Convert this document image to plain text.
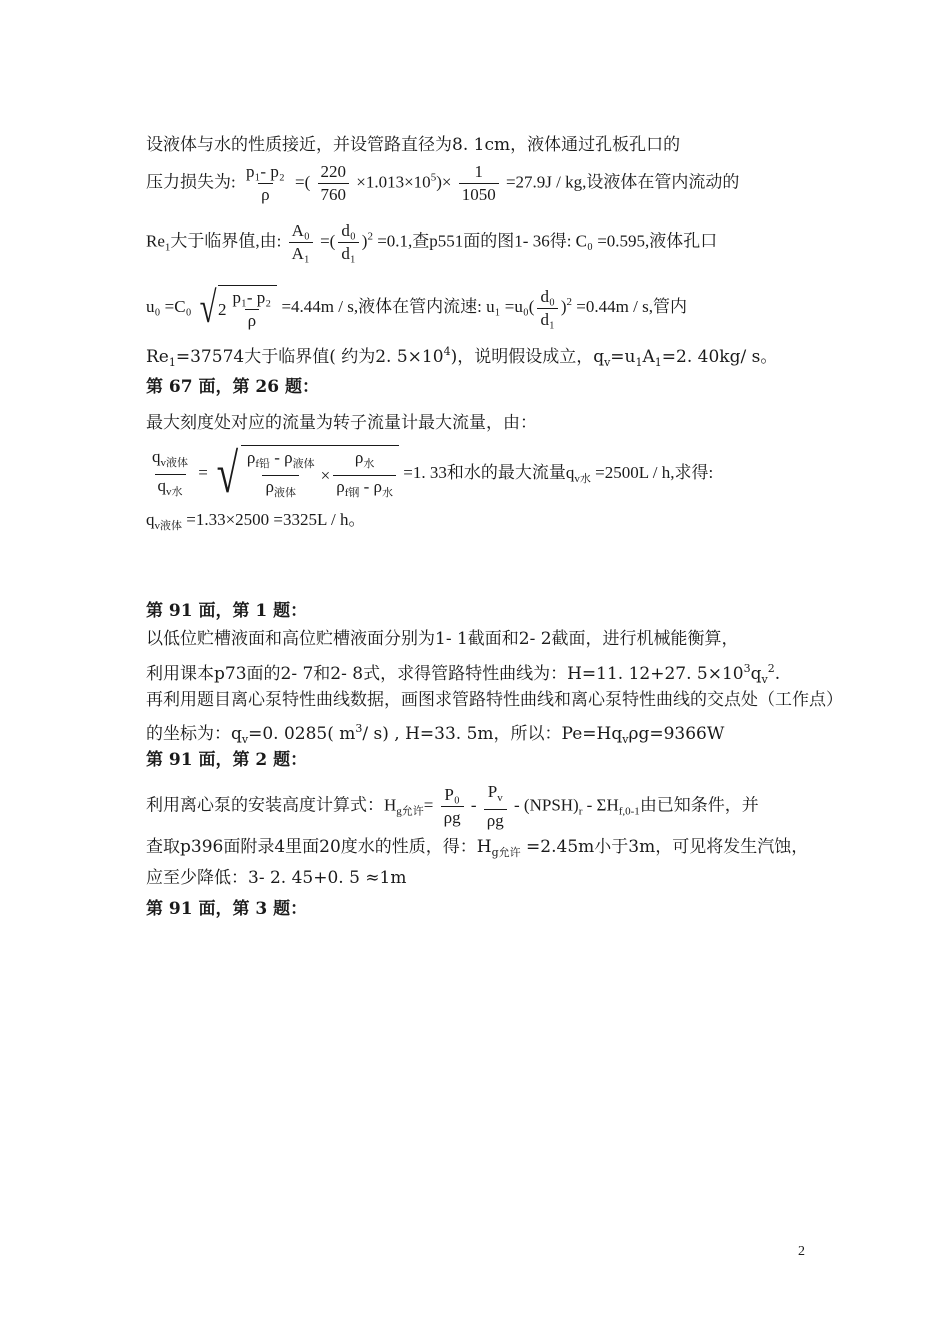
设液体与水的性质接近，并设管路直径为8. 1cm，液体通过孔板孔口的
压力损失为: $\frac{\text{p₁- p₂}}{\rho}$ =( $\frac{220}{760} \times 1.013\times 10^5)\times \frac{1}{1050} =27.9J$ / kg,设液体在管内流动的
$Re_1$大于临界值,由: $\frac{\text{A₀}}{\text{A₁}}$ =( $\frac{\text{d₀}}{\text{d₁}} )^2 =0.1$,查p551面的图1- 36得: C₀ =0.595,液体孔口
u₀ =C₀ √ $2 \frac{\text{p₁- p₂}}{\rho} =4.44m / s$,液体在管内流速: $u_1 =u_0( \frac{\text{d₀}}{\text{d₁}} )^2 =0.44m / s$,管内
$Re_1=37574$大于临界值( 约为2. $5\times 10^4$)，说明假设成立，$q_v=u_1A_1=2$. 40kg/ s。
第 67 面，第 26 题：
最大刻度处对应的流量为转子流量计最大流量，由：
$q_{v液体}$
$q_{v水}$
= √ $\rho_{f铅} - \rho_{液体}$
$\rho_{液体}$
×
$\rho_水$
$\rho_{f钢} - \rho_水$
=1. 33和水的最大流量$q_{v水} =2500L / h$,求得:
$q_{v液体} =1.33\times 2500 =3325L / h$。
第 91 面，第 1 题：
以低位贮槽液面和高位贮槽液面分别为1- 1截面和2- 2截面，进行机械能衡算，
利用课本p73面的2- 7和2- 8式，求得管路特性曲线为：H=11. 12+27. $5\times 10^3q_v^2$.
再利用题目离心泵特性曲线数据，画图求管路特性曲线和离心泵特性曲线的交点处（工作点）
的坐标为：$q_v=0$. 0285( $m^3/$ s) , H=33. 5m，所以：$Pe=Hq_v\rho g=9366W$
第 91 面，第 2 题：
利用离心泵的安装高度计算式：$H_{g允许}= \frac{\text{P₀}}{\rho g} - \frac{P_v}{\rho g}$ - $(NPSH)_r - \Sigma H_{f,0-1}$由已知条件，并
查取p396面附录4里面20度水的性质，得：$H_{g允许} =2.45m$小于3m，可见将发生汽蚀，
应至少降低：3- 2. 45+0. 5 ≈1m
第 91 面，第 3 题：
2
